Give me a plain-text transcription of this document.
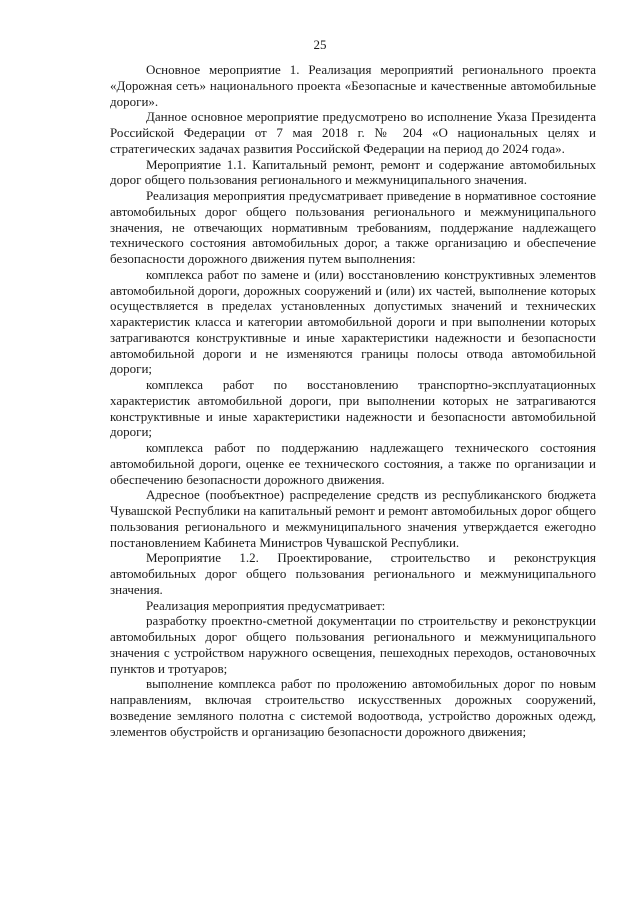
25

Основное мероприятие 1. Реализация мероприятий регионального проекта «Дорожная сеть» национального проекта «Безопасные и качественные автомобильные дороги».

Данное основное мероприятие предусмотрено во исполнение Указа Президента Российской Федерации от 7 мая 2018 г. № 204 «О национальных целях и стратегических задачах развития Российской Федерации на период до 2024 года».

Мероприятие 1.1. Капитальный ремонт, ремонт и содержание автомобильных дорог общего пользования регионального и межмуниципального значения.

Реализация мероприятия предусматривает приведение в нормативное состояние автомобильных дорог общего пользования регионального и межмуниципального значения, не отвечающих нормативным требованиям, поддержание надлежащего технического состояния автомобильных дорог, а также организацию и обеспечение безопасности дорожного движения путем выполнения:

комплекса работ по замене и (или) восстановлению конструктивных элементов автомобильной дороги, дорожных сооружений и (или) их частей, выполнение которых осуществляется в пределах установленных допустимых значений и технических характеристик класса и категории автомобильной дороги и при выполнении которых затрагиваются конструктивные и иные характеристики надежности и безопасности автомобильной дороги и не изменяются границы полосы отвода автомобильной дороги;

комплекса работ по восстановлению транспортно-эксплуатационных характеристик автомобильной дороги, при выполнении которых не затрагиваются конструктивные и иные характеристики надежности и безопасности автомобильной дороги;

комплекса работ по поддержанию надлежащего технического состояния автомобильной дороги, оценке ее технического состояния, а также по организации и обеспечению безопасности дорожного движения.

Адресное (пообъектное) распределение средств из республиканского бюджета Чувашской Республики на капитальный ремонт и ремонт автомобильных дорог общего пользования регионального и межмуниципального значения утверждается ежегодно постановлением Кабинета Министров Чувашской Республики.

Мероприятие 1.2. Проектирование, строительство и реконструкция автомобильных дорог общего пользования регионального и межмуниципального значения.

Реализация мероприятия предусматривает:

разработку проектно-сметной документации по строительству и реконструкции автомобильных дорог общего пользования регионального и межмуниципального значения с устройством наружного освещения, пешеходных переходов, остановочных пунктов и тротуаров;

выполнение комплекса работ по проложению автомобильных дорог по новым направлениям, включая строительство искусственных дорожных сооружений, возведение земляного полотна с системой водоотвода, устройство дорожных одежд, элементов обустройств и организацию безопасности дорожного движения;
